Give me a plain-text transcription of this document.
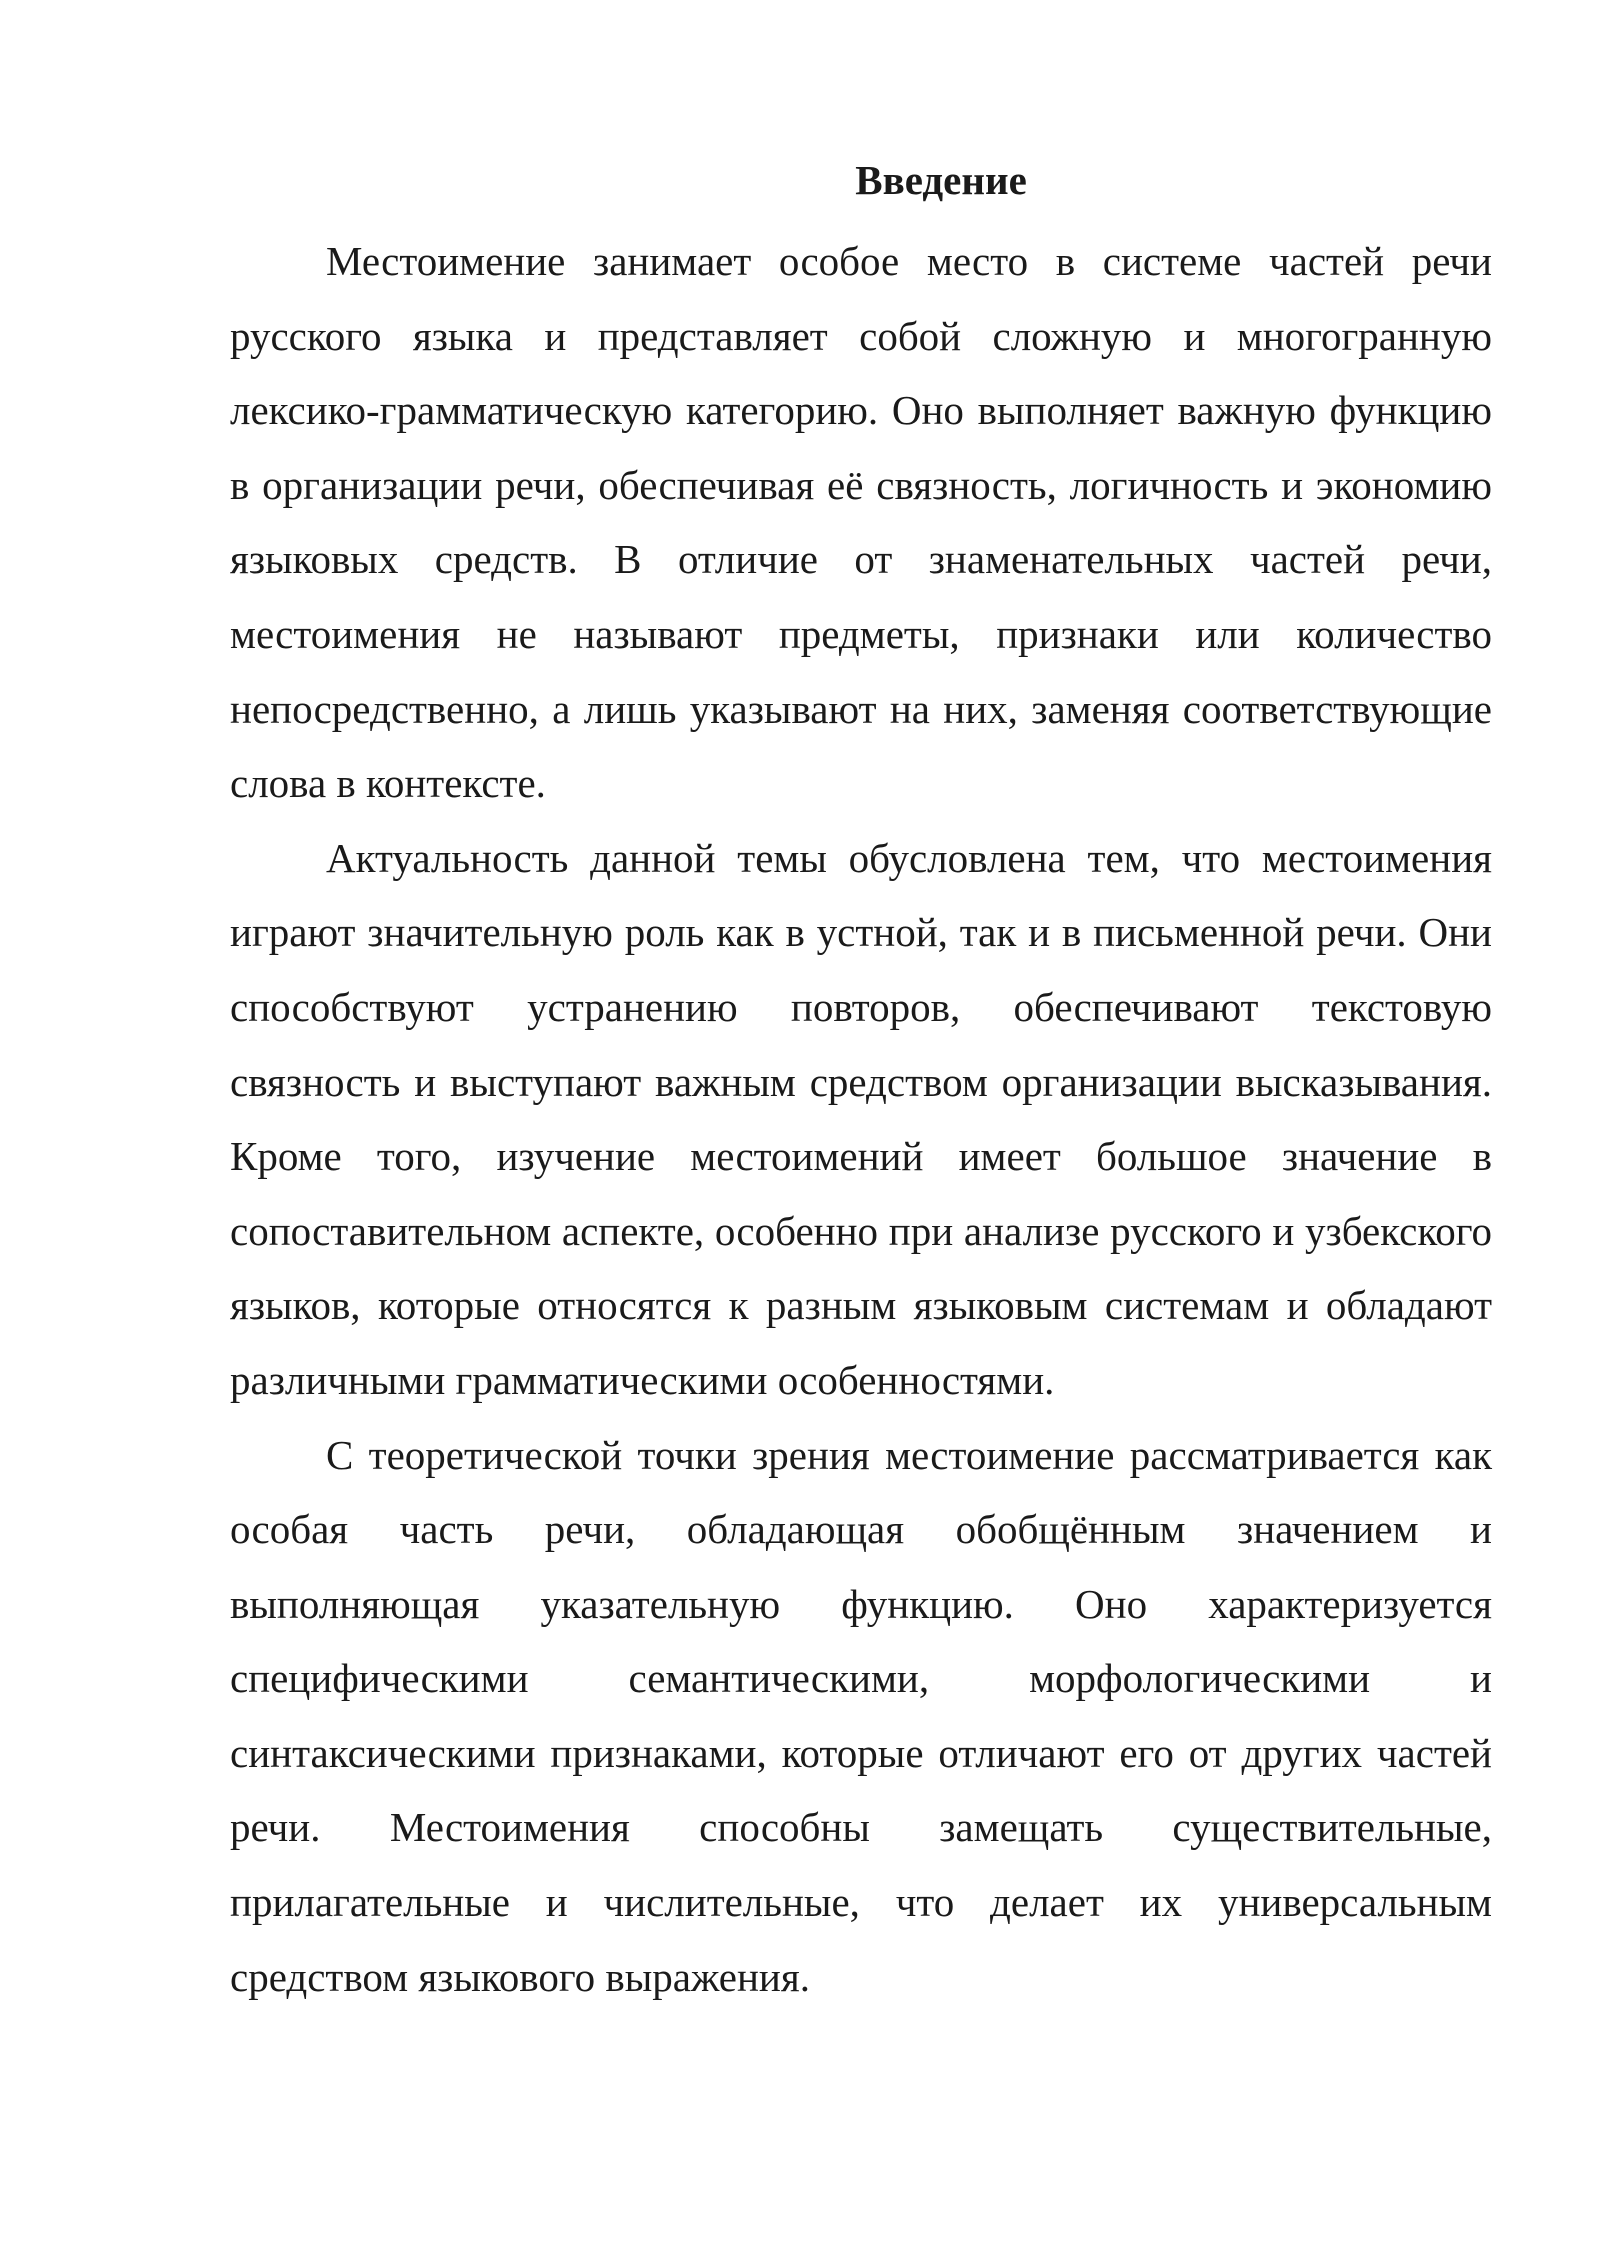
Введение

Местоимение занимает особое место в системе частей речи русского языка и представляет собой сложную и многогранную лексико-грамматическую категорию. Оно выполняет важную функцию в организации речи, обеспечивая её связность, логичность и экономию языковых средств. В отличие от знаменательных частей речи, местоимения не называют предметы, признаки или количество непосредственно, а лишь указывают на них, заменяя соответствующие слова в контексте.

Актуальность данной темы обусловлена тем, что местоимения играют значительную роль как в устной, так и в письменной речи. Они способствуют устранению повторов, обеспечивают текстовую связность и выступают важным средством организации высказывания. Кроме того, изучение местоимений имеет большое значение в сопоставительном аспекте, особенно при анализе русского и узбекского языков, которые относятся к разным языковым системам и обладают различными грамматическими особенностями.

С теоретической точки зрения местоимение рассматривается как особая часть речи, обладающая обобщённым значением и выполняющая указательную функцию. Оно характеризуется специфическими семантическими, морфологическими и синтаксическими признаками, которые отличают его от других частей речи. Местоимения способны замещать существительные, прилагательные и числительные, что делает их универсальным средством языкового выражения.
